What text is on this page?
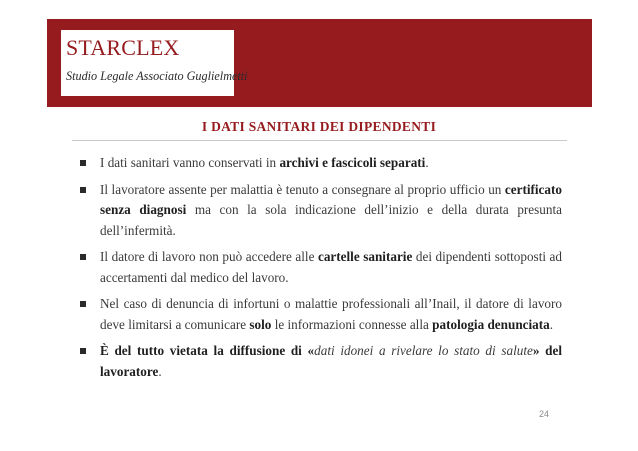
STARCLEX
Studio Legale Associato Guglielmetti
I DATI SANITARI DEI DIPENDENTI
I dati sanitari vanno conservati in archivi e fascicoli separati.
Il lavoratore assente per malattia è tenuto a consegnare al proprio ufficio un certificato senza diagnosi ma con la sola indicazione dell’inizio e della durata presunta dell’infermità.
Il datore di lavoro non può accedere alle cartelle sanitarie dei dipendenti sottoposti ad accertamenti dal medico del lavoro.
Nel caso di denuncia di infortuni o malattie professionali all’Inail, il datore di lavoro deve limitarsi a comunicare solo le informazioni connesse alla patologia denunciata.
È del tutto vietata la diffusione di «dati idonei a rivelare lo stato di salute» del lavoratore.
24
